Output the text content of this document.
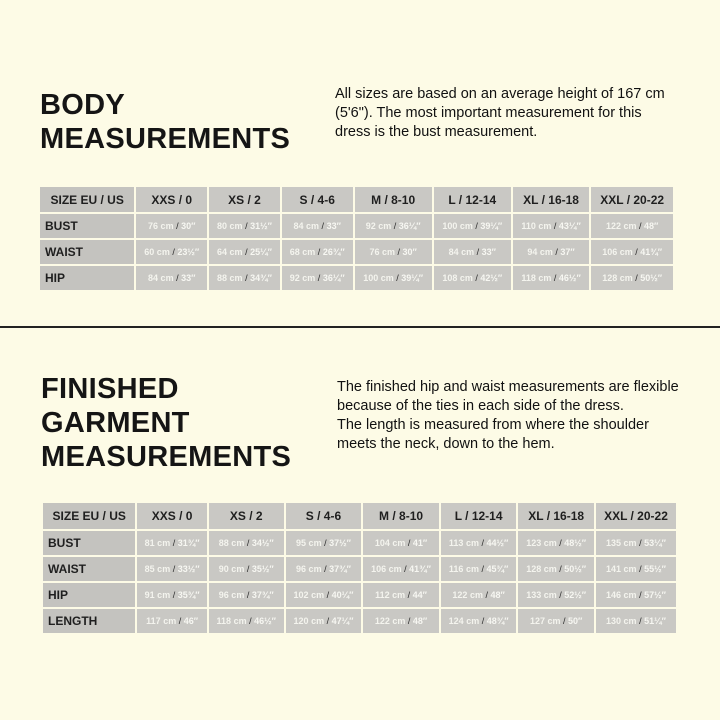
BODY
MEASUREMENTS
All sizes are based on an average height of 167 cm
(5'6"). The most important measurement for this
dress is the bust measurement.
SIZE EU / US	XXS / 0	XS / 2	S / 4-6	M / 8-10	L / 12-14	XL / 16-18	XXL / 20-22
BUST	76 cm / 30″	80 cm / 31½″	84 cm / 33″	92 cm / 36¼″	100 cm / 39¼″	110 cm / 43¼″	122 cm / 48″
WAIST	60 cm / 23½″	64 cm / 25¼″	68 cm / 26¾″	76 cm / 30″	84 cm / 33″	94 cm / 37″	106 cm / 41¾″
HIP	84 cm / 33″	88 cm / 34¾″	92 cm / 36¼″	100 cm / 39¼″	108 cm / 42½″	118 cm / 46½″	128 cm / 50½″
FINISHED
GARMENT
MEASUREMENTS
The finished hip and waist measurements are flexible
because of the ties in each side of the dress.
The length is measured from where the shoulder
meets the neck, down to the hem.
SIZE EU / US	XXS / 0	XS / 2	S / 4-6	M / 8-10	L / 12-14	XL / 16-18	XXL / 20-22
BUST	81 cm / 31¾″	88 cm / 34½″	95 cm / 37½″	104 cm / 41″	113 cm / 44½″	123 cm / 48½″	135 cm / 53¼″
WAIST	85 cm / 33½″	90 cm / 35½″	96 cm / 37¾″	106 cm / 41¾″	116 cm / 45¾″	128 cm / 50½″	141 cm / 55½″
HIP	91 cm / 35¾″	96 cm / 37¾″	102 cm / 40¼″	112 cm / 44″	122 cm / 48″	133 cm / 52½″	146 cm / 57½″
LENGTH	117 cm / 46″	118 cm / 46½″	120 cm / 47¼″	122 cm / 48″	124 cm / 48¾″	127 cm / 50″	130 cm / 51¼″
